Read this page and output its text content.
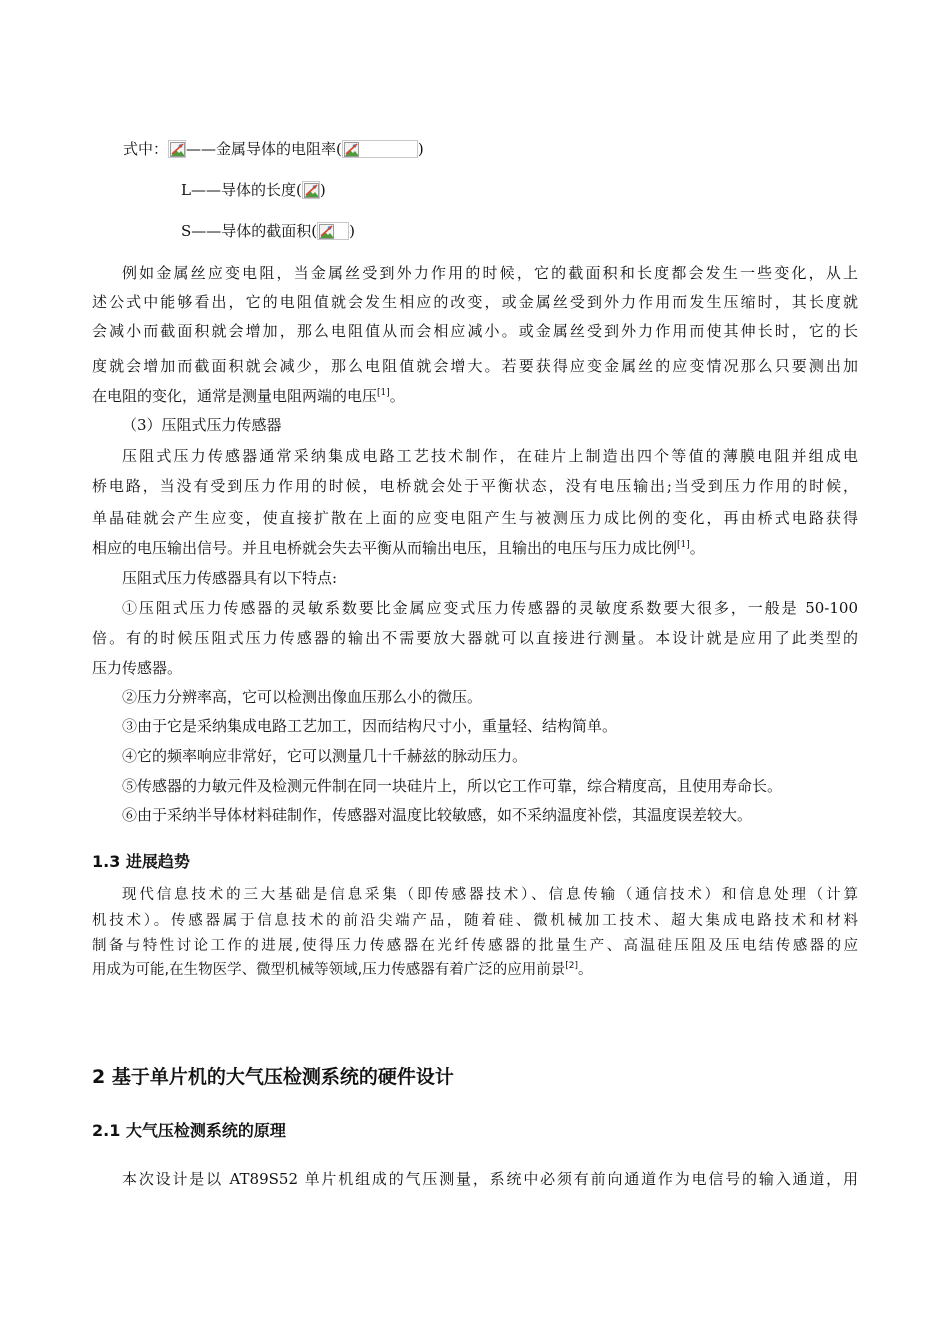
式中： ——金属导体的电阻率(	)
L——导体的长度( )
S——导体的截面积( )
例如金属丝应变电阻，当金属丝受到外力作用的时候，它的截面积和长度都会发生一些变化，从上
述公式中能够看出，它的电阻值就会发生相应的改变，或金属丝受到外力作用而发生压缩时，其长度就
会减小而截面积就会增加，那么电阻值从而会相应减小。或金属丝受到外力作用而使其伸长时，它的长
度就会增加而截面积就会减少，那么电阻值就会增大。若要获得应变金属丝的应变情况那么只要测出加
在电阻的变化，通常是测量电阻两端的电压[1]。
（3）压阻式压力传感器
压阻式压力传感器通常采纳集成电路工艺技术制作，在硅片上制造出四个等值的薄膜电阻并组成电
桥电路，当没有受到压力作用的时候，电桥就会处于平衡状态，没有电压输出;当受到压力作用的时候，
单晶硅就会产生应变，使直接扩散在上面的应变电阻产生与被测压力成比例的变化，再由桥式电路获得
相应的电压输出信号。并且电桥就会失去平衡从而输出电压，且输出的电压与压力成比例[1]。
压阻式压力传感器具有以下特点:
①压阻式压力传感器的灵敏系数要比金属应变式压力传感器的灵敏度系数要大很多，一般是 50-100
倍。有的时候压阻式压力传感器的输出不需要放大器就可以直接进行测量。本设计就是应用了此类型的
压力传感器。
②压力分辨率高，它可以检测出像血压那么小的微压。
③由于它是采纳集成电路工艺加工，因而结构尺寸小，重量轻、结构简单。
④它的频率响应非常好，它可以测量几十千赫兹的脉动压力。
⑤传感器的力敏元件及检测元件制在同一块硅片上，所以它工作可靠，综合精度高，且使用寿命长。
⑥由于采纳半导体材料硅制作，传感器对温度比较敏感，如不采纳温度补偿，其温度误差较大。
1.3 进展趋势
现代信息技术的三大基础是信息采集（即传感器技术）、信息传输（通信技术）和信息处理（计算
机技术）。传感器属于信息技术的前沿尖端产品，随着硅、微机械加工技术、超大集成电路技术和材料
制备与特性讨论工作的进展,使得压力传感器在光纤传感器的批量生产、高温硅压阻及压电结传感器的应
用成为可能,在生物医学、微型机械等领域,压力传感器有着广泛的应用前景[2]。
2 基于单片机的大气压检测系统的硬件设计
2.1 大气压检测系统的原理
本次设计是以 AT89S52 单片机组成的气压测量，系统中必须有前向通道作为电信号的输入通道，用
